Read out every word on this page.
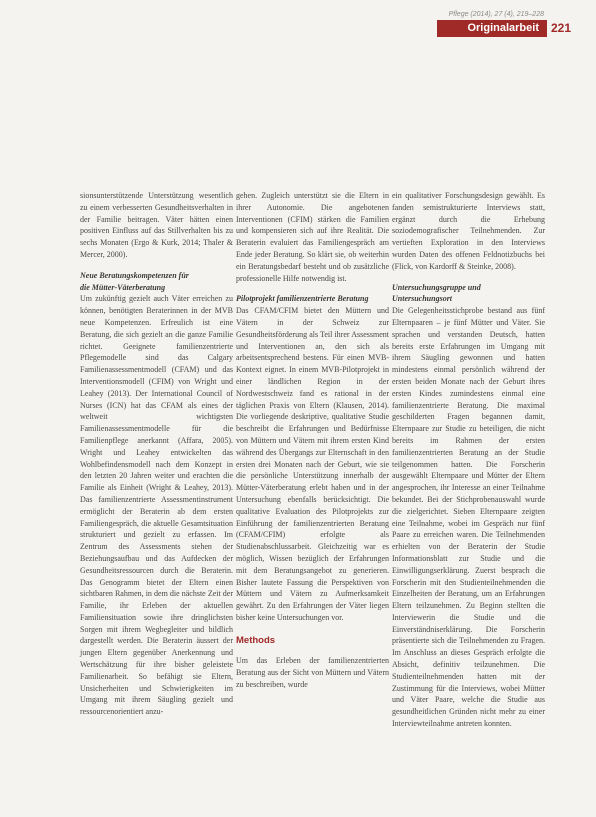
Pflege (2014), 27 (4), 219–228
Originalarbeit 221

sionsunterstützende Unterstützung wesentlich zu einem verbesserten Gesundheitsverhalten in der Familie beitragen. Väter hätten einen positiven Einfluss auf das Stillverhalten bis zu sechs Monaten (Ergo & Kurk, 2014; Thaler & Mercer, 2000).

Neue Beratungskompetenzen für
die Mütter-Väterberatung

Um zukünftig gezielt auch Väter erreichen zu können, benötigten Beraterinnen in der MVB neue Kompetenzen. Erfreulich ist eine Beratung, die sich gezielt an die ganze Familie richtet. Geeignete familienzentrierte Pflegemodelle sind das Calgary Familienassessmentmodell (CFAM) und das Interventionsmodell (CFIM) von Wright und Leahey (2013). Der International Council of Nurses (ICN) hat das CFAM als eines der weltweit wichtigsten Familienassessmentmodelle für die Familienpflege anerkannt (Affara, 2005). Wright und Leahey entwickelten das Wohlbefindensmodell nach dem Konzept in den letzten 20 Jahren weiter und erachten die Familie als Einheit (Wright & Leahey, 2013). Das familienzentrierte Assessmentinstrument ermöglicht der Beraterin ab dem ersten Familiengespräch, die aktuelle Gesamtsituation strukturiert und gezielt zu erfassen. Im Zentrum des Assessments stehen der Beziehungsaufbau und das Aufdecken der Gesundheitsressourcen durch die Beraterin. Das Genogramm bietet der Eltern einen sichtbaren Rahmen, in dem die nächste Zeit der Familie, ihr Erleben der aktuellen Familiensituation sowie ihre dringlichsten Sorgen mit ihrem Wegbegleiter und bildlich dargestellt werden. Die Beraterin äussert der jungen Eltern gegenüber Anerkennung und Wertschätzung für ihre bisher geleistete Familienarbeit. So befähigt sie Eltern, Unsicherheiten und Schwierigkeiten im Umgang mit ihrem Säugling gezielt und ressourcenorientiert anzu-

gehen. Zugleich unterstützt sie die Eltern in ihrer Autonomie. Die angebotenen Interventionen (CFIM) stärken die Familien und kompensieren sich auf ihre Realität. Die Beraterin evaluiert das Familiengespräch am Ende jeder Beratung. So klärt sie, ob weiterhin ein Beratungsbedarf besteht und ob zusätzliche professionelle Hilfe notwendig ist.

Pilotprojekt familienzentrierte Beratung

Das CFAM/CFIM bietet den Müttern und Vätern in der Schweiz zur Gesundheitsförderung als Teil ihrer Assessment und Interventionen an, den sich als arbeitsentsprechend bestens. Für einen MVB-Kontext eignet. In einem MVB-Pilotprojekt in einer ländlichen Region in der Nordwestschweiz fand es rational in der täglichen Praxis von Eltern (Klausen, 2014). Die vorliegende deskriptive, qualitative Studie beschreibt die Erfahrungen und Bedürfnisse von Müttern und Vätern mit ihrem ersten Kind während des Übergangs zur Elternschaft in den ersten drei Monaten nach der Geburt, wie sie die persönliche Unterstützung innerhalb der Mütter-Väterberatung erlebt haben und in der Untersuchung ebenfalls berücksichtigt. Die qualitative Evaluation des Pilotprojekts zur Einführung der familienzentrierten Beratung (CFAM/CFIM) erfolgte als Studienabschlussarbeit. Gleichzeitig war es möglich, Wissen bezüglich der Erfahrungen mit dem Beratungsangebot zu generieren. Bisher lautete Fassung die Perspektiven von Müttern und Vätern zu Aufmerksamkeit gewährt. Zu den Erfahrungen der Väter liegen bisher keine Untersuchungen vor.

Methods

Um das Erleben der familienzentrierten Beratung aus der Sicht von Müttern und Vätern zu beschreiben, wurde

ein qualitativer Forschungsdesign gewählt. Es fanden semistrukturierte Interviews statt, ergänzt durch die Erhebung soziodemografischer Teilnehmenden. Zur vertieften Exploration in den Interviews wurden Daten des offenen Feldnotizbuchs bei (Flick, von Kardorff & Steinke, 2008).

Untersuchungsgruppe und
Untersuchungsort

Die Gelegenheitsstichprobe bestand aus fünf Elternpaaren – je fünf Mütter und Väter. Sie sprachen und verstanden Deutsch, hatten bereits erste Erfahrungen im Umgang mit ihrem Säugling gewonnen und hatten mindestens einmal persönlich während der ersten beiden Monate nach der Geburt ihres ersten Kindes zumindestens einmal eine familienzentrierte Beratung. Die maximal geschilderten Fragen begannen damit, Elternpaare zur Studie zu beteiligen, die nicht bereits im Rahmen der ersten familienzentrierten Beratung an der Studie teilgenommen hatten. Die Forscherin ausgewählt Elternpaare und Mütter der Eltern angesprochen, ihr Interesse an einer Teilnahme bekundet. Bei der Stichprobenauswahl wurde die zielgerichtet. Sieben Elternpaare zeigten eine Teilnahme, wobei im Gespräch nur fünf Paare zu erreichen waren. Die Teilnehmenden erhielten von der Beraterin der Studie Informationsblatt zur Studie und die Einwilligungserklärung. Zuerst besprach die Forscherin mit den Studienteilnehmenden die Einzelheiten der Beratung, um an Erfahrungen Eltern teilzunehmen. Zu Beginn stellten die Interviewerin die Studie und die Einverständniserklärung. Die Forscherin präsentierte sich die Teilnehmenden zu Fragen. Im Anschluss an dieses Gespräch erfolgte die Absicht, definitiv teilzunehmen. Die Studienteilnehmenden hatten mit der Zustimmung für die Interviews, wobei Mütter und Väter Paare, welche die Studie aus gesundheitlichen Gründen nicht mehr zu einer Interviewteilnahme antreten konnten.
